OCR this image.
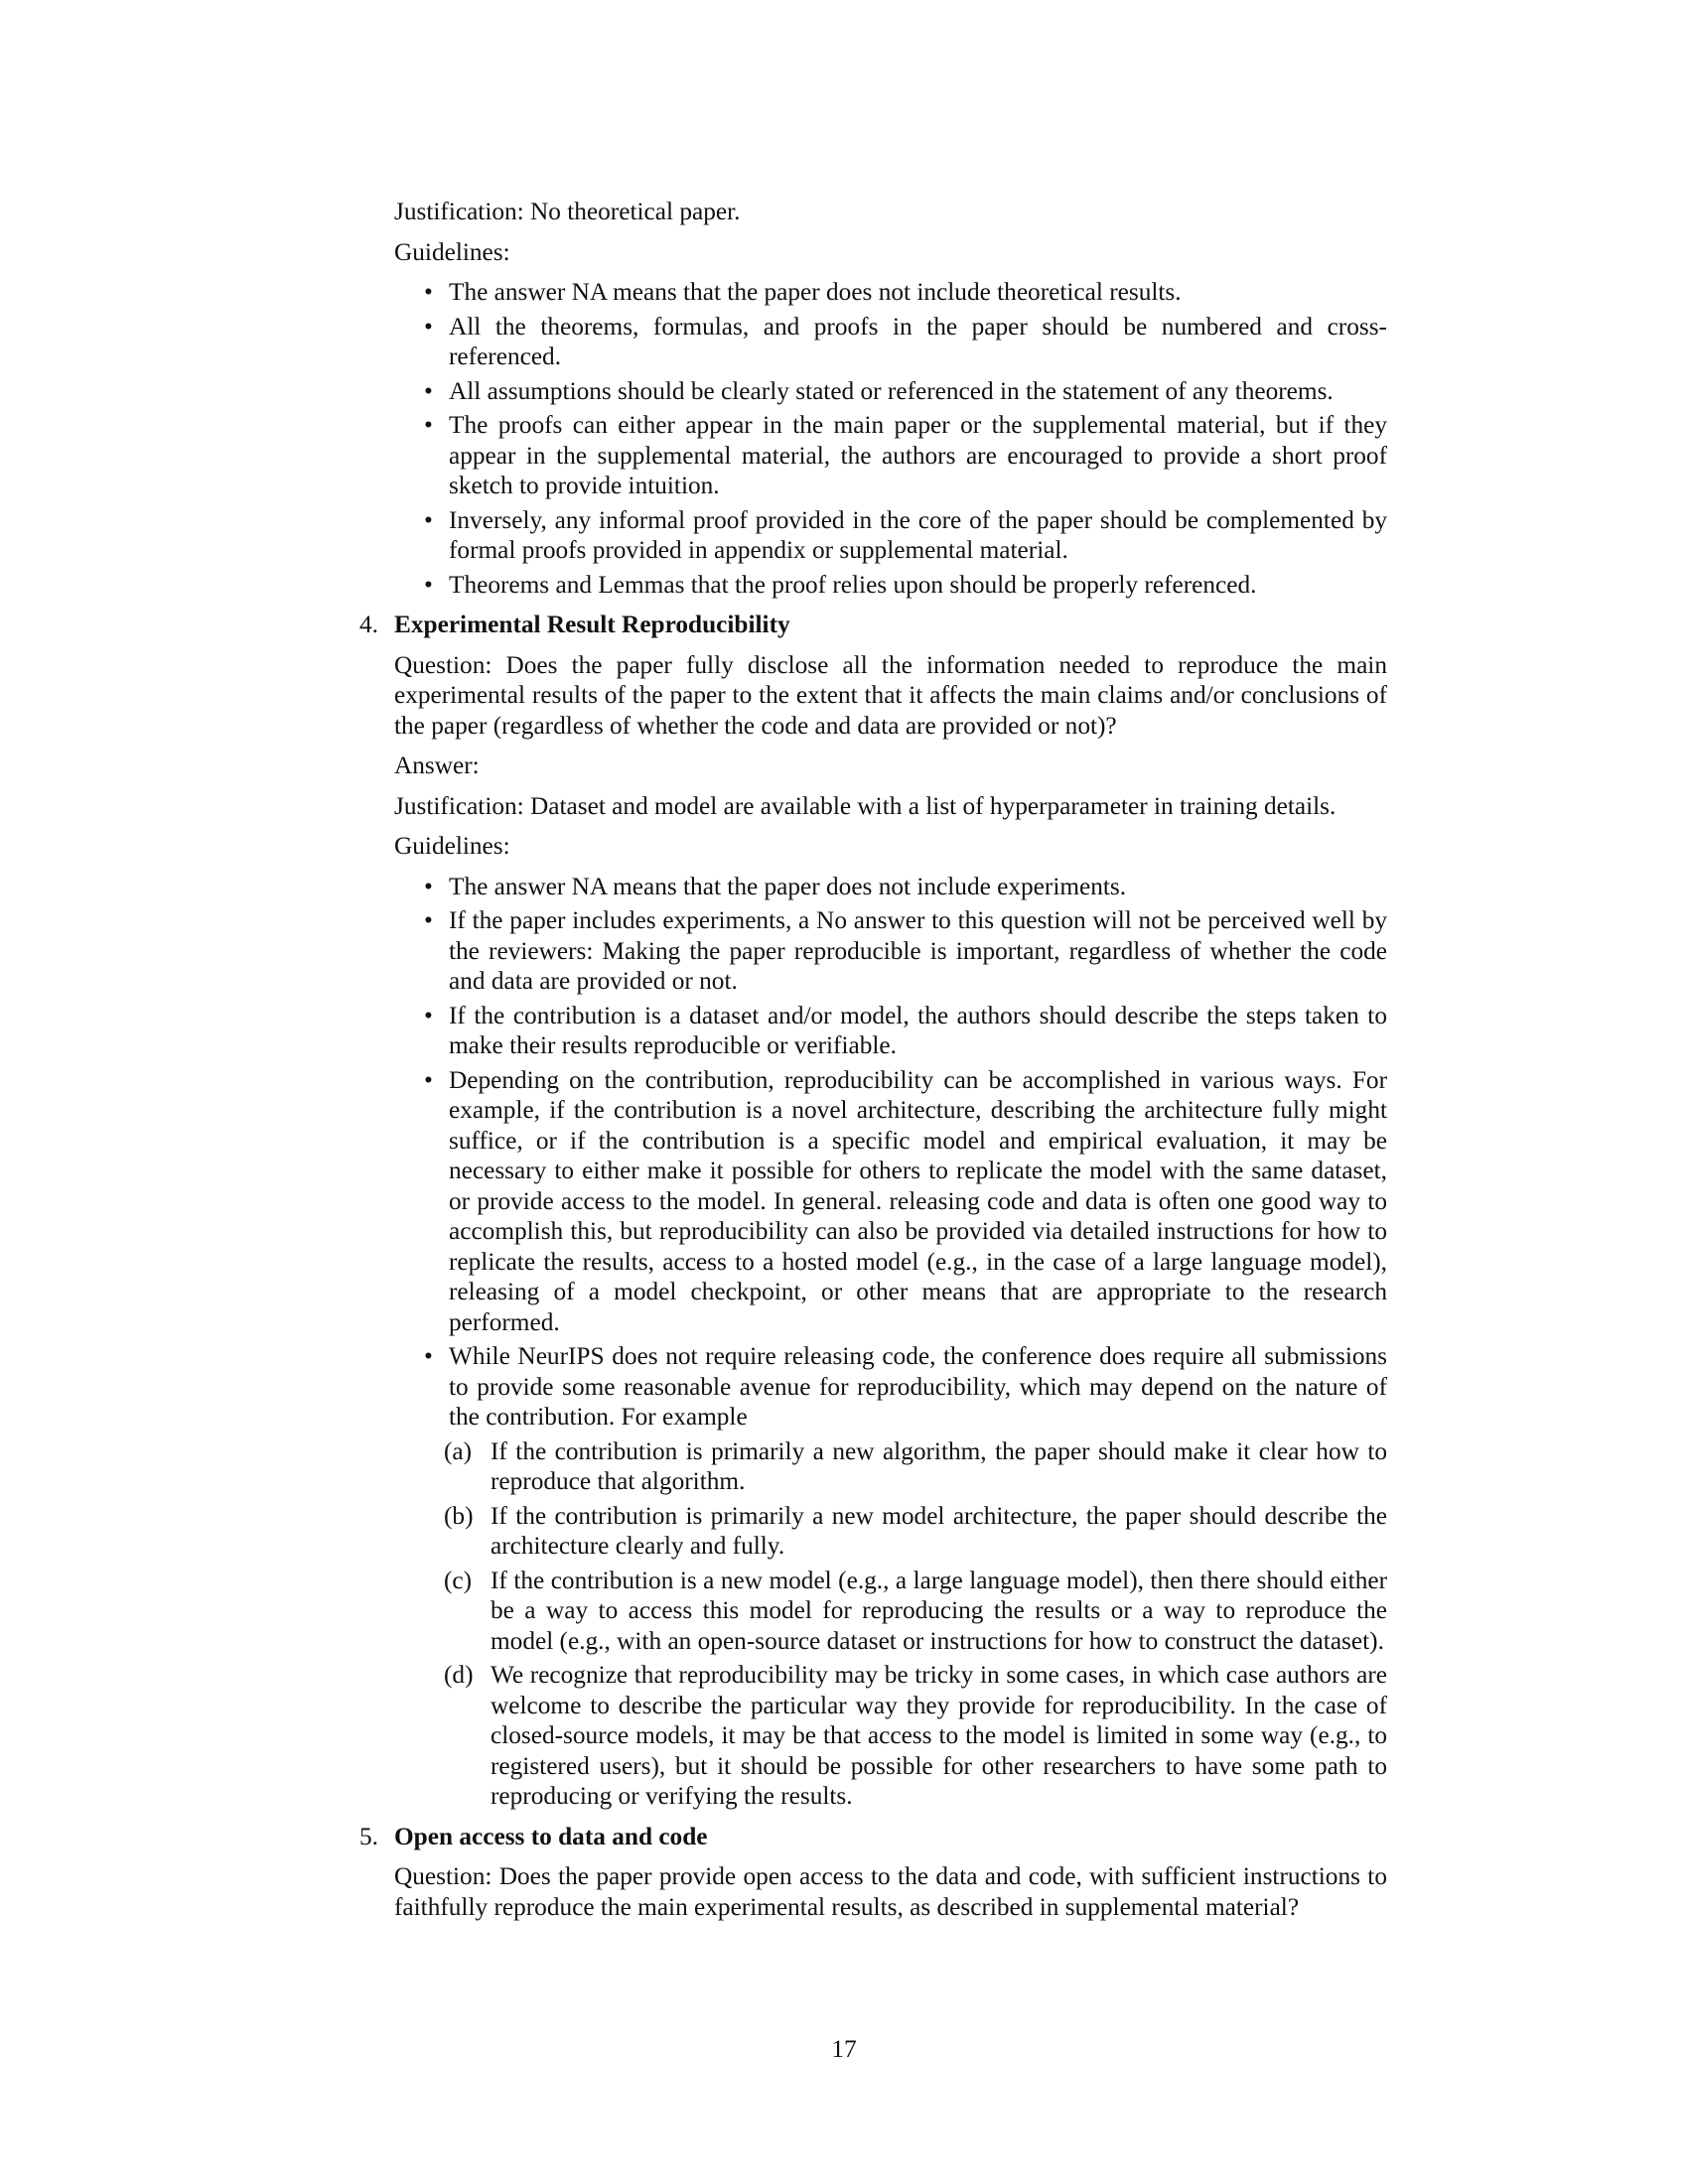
Justification: No theoretical paper.

Guidelines:

• The answer NA means that the paper does not include theoretical results.
• All the theorems, formulas, and proofs in the paper should be numbered and cross-referenced.
• All assumptions should be clearly stated or referenced in the statement of any theorems.
• The proofs can either appear in the main paper or the supplemental material, but if they appear in the supplemental material, the authors are encouraged to provide a short proof sketch to provide intuition.
• Inversely, any informal proof provided in the core of the paper should be complemented by formal proofs provided in appendix or supplemental material.
• Theorems and Lemmas that the proof relies upon should be properly referenced.

4. Experimental Result Reproducibility

Question: Does the paper fully disclose all the information needed to reproduce the main experimental results of the paper to the extent that it affects the main claims and/or conclusions of the paper (regardless of whether the code and data are provided or not)?

Answer:

Justification: Dataset and model are available with a list of hyperparameter in training details.

Guidelines:

• The answer NA means that the paper does not include experiments.
• If the paper includes experiments, a No answer to this question will not be perceived well by the reviewers: Making the paper reproducible is important, regardless of whether the code and data are provided or not.
• If the contribution is a dataset and/or model, the authors should describe the steps taken to make their results reproducible or verifiable.
• Depending on the contribution, reproducibility can be accomplished in various ways. For example, if the contribution is a novel architecture, describing the architecture fully might suffice, or if the contribution is a specific model and empirical evaluation, it may be necessary to either make it possible for others to replicate the model with the same dataset, or provide access to the model. In general. releasing code and data is often one good way to accomplish this, but reproducibility can also be provided via detailed instructions for how to replicate the results, access to a hosted model (e.g., in the case of a large language model), releasing of a model checkpoint, or other means that are appropriate to the research performed.
• While NeurIPS does not require releasing code, the conference does require all submissions to provide some reasonable avenue for reproducibility, which may depend on the nature of the contribution. For example
(a) If the contribution is primarily a new algorithm, the paper should make it clear how to reproduce that algorithm.
(b) If the contribution is primarily a new model architecture, the paper should describe the architecture clearly and fully.
(c) If the contribution is a new model (e.g., a large language model), then there should either be a way to access this model for reproducing the results or a way to reproduce the model (e.g., with an open-source dataset or instructions for how to construct the dataset).
(d) We recognize that reproducibility may be tricky in some cases, in which case authors are welcome to describe the particular way they provide for reproducibility. In the case of closed-source models, it may be that access to the model is limited in some way (e.g., to registered users), but it should be possible for other researchers to have some path to reproducing or verifying the results.

5. Open access to data and code

Question: Does the paper provide open access to the data and code, with sufficient instructions to faithfully reproduce the main experimental results, as described in supplemental material?

17
